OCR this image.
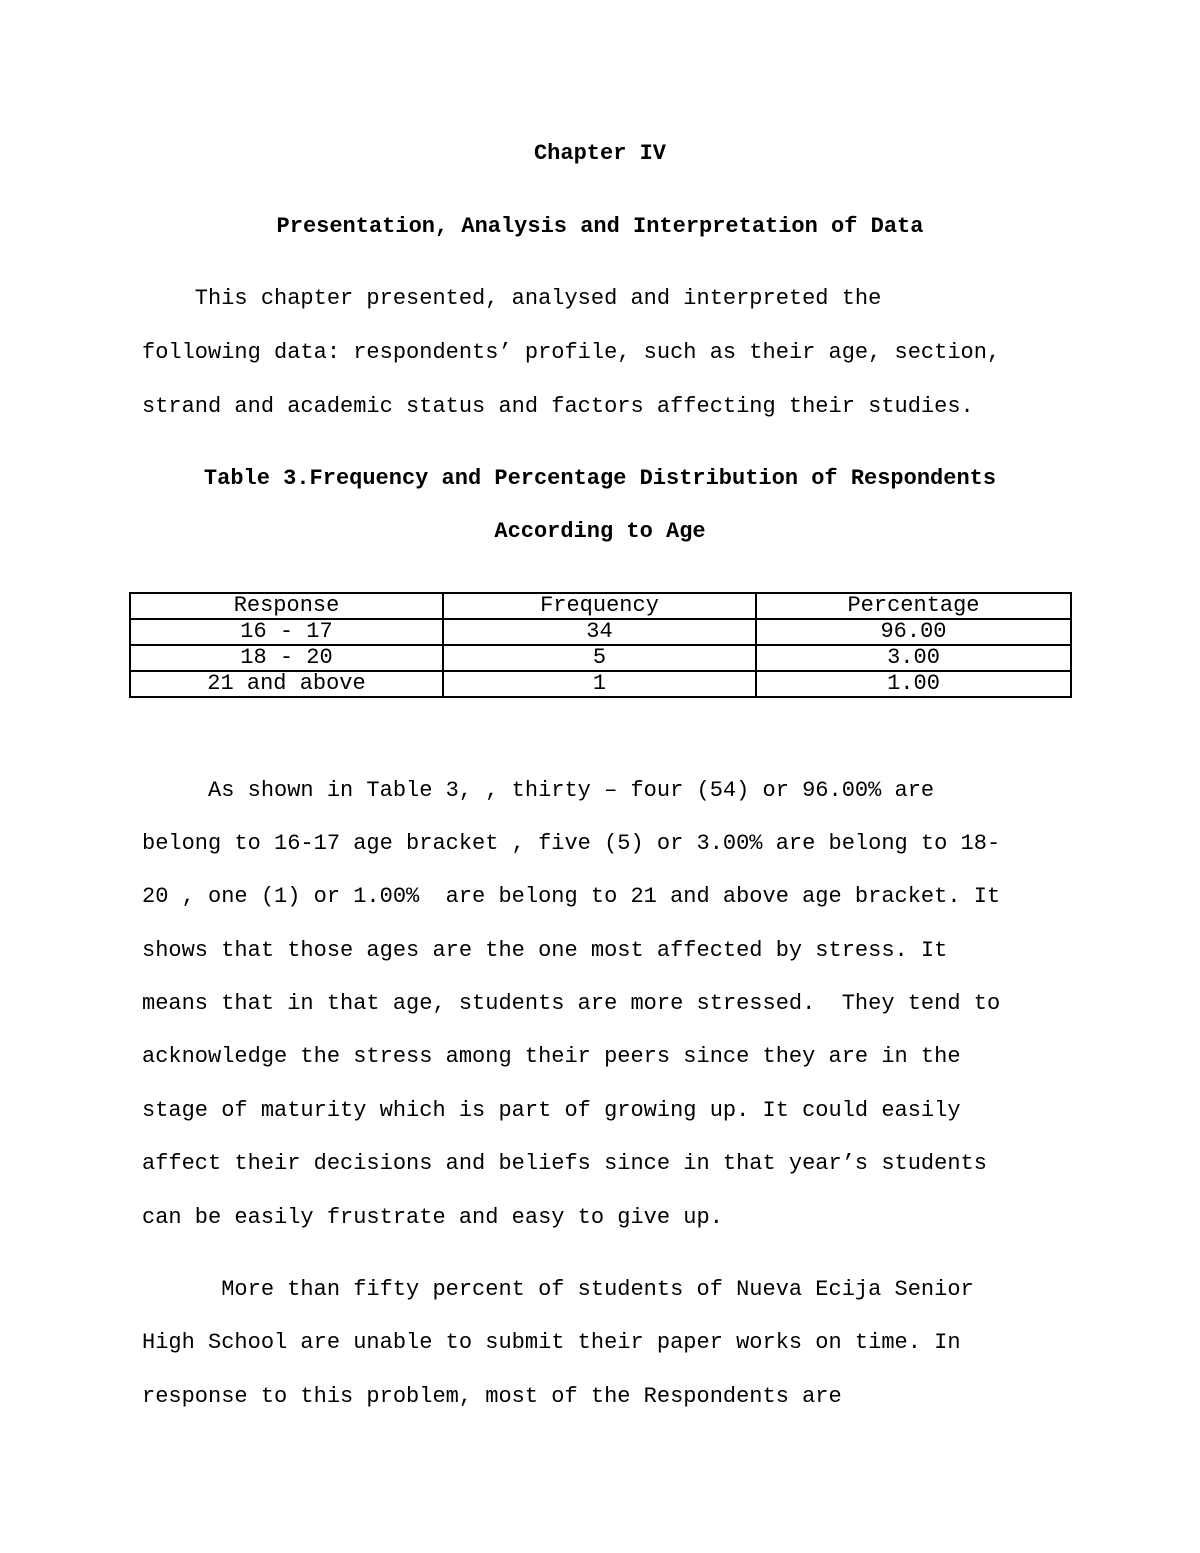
Chapter IV

Presentation, Analysis and Interpretation of Data

This chapter presented, analysed and interpreted the

following data: respondents’ profile, such as their age, section,

strand and academic status and factors affecting their studies.

Table 3.Frequency and Percentage Distribution of Respondents

According to Age

Response	Frequency	Percentage
16 - 17	34	96.00
18 - 20	5	3.00
21 and above	1	1.00

As shown in Table 3, , thirty – four (54) or 96.00% are

belong to 16-17 age bracket , five (5) or 3.00% are belong to 18-

20 , one (1) or 1.00%  are belong to 21 and above age bracket. It

shows that those ages are the one most affected by stress. It

means that in that age, students are more stressed.  They tend to

acknowledge the stress among their peers since they are in the

stage of maturity which is part of growing up. It could easily

affect their decisions and beliefs since in that year’s students

can be easily frustrate and easy to give up.

More than fifty percent of students of Nueva Ecija Senior

High School are unable to submit their paper works on time. In

response to this problem, most of the Respondents are
